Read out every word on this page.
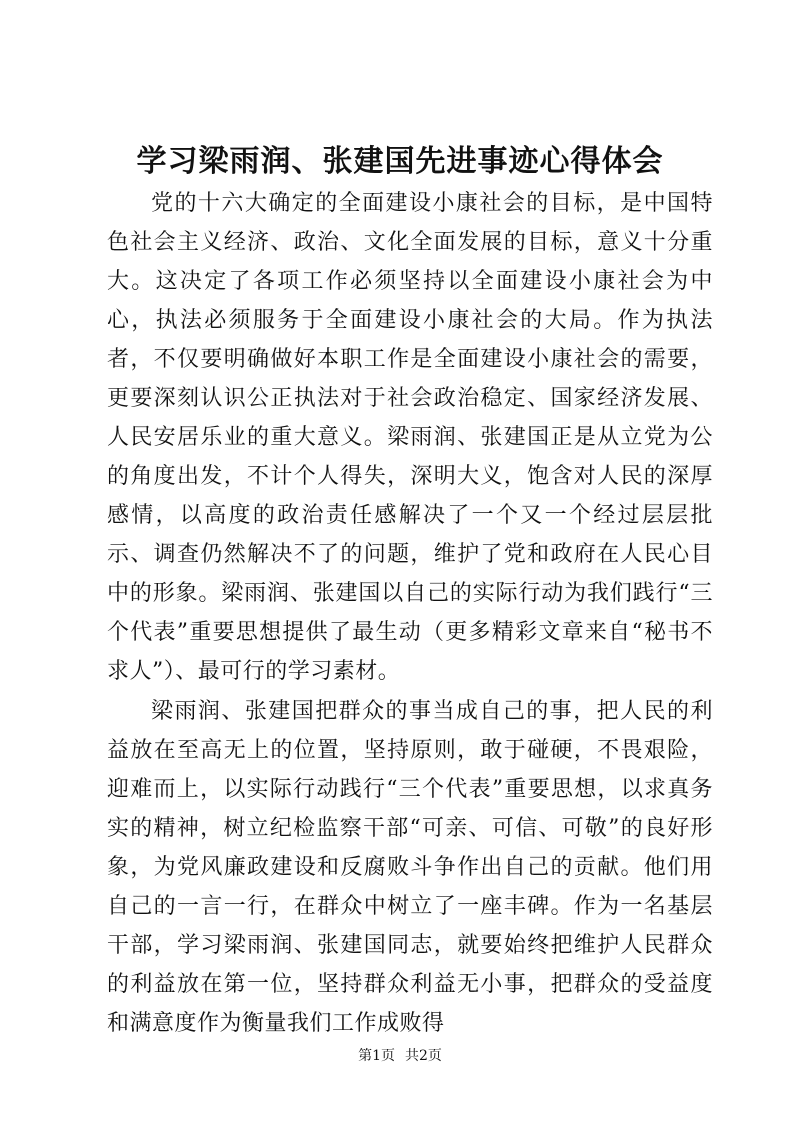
学习梁雨润、张建国先进事迹心得体会

党的十六大确定的全面建设小康社会的目标，是中国特色社会主义经济、政治、文化全面发展的目标，意义十分重大。这决定了各项工作必须坚持以全面建设小康社会为中心，执法必须服务于全面建设小康社会的大局。作为执法者，不仅要明确做好本职工作是全面建设小康社会的需要，更要深刻认识公正执法对于社会政治稳定、国家经济发展、人民安居乐业的重大意义。梁雨润、张建国正是从立党为公的角度出发，不计个人得失，深明大义，饱含对人民的深厚感情，以高度的政治责任感解决了一个又一个经过层层批示、调查仍然解决不了的问题，维护了党和政府在人民心目中的形象。梁雨润、张建国以自己的实际行动为我们践行“三个代表”重要思想提供了最生动（更多精彩文章来自“秘书不求人”）、最可行的学习素材。

梁雨润、张建国把群众的事当成自己的事，把人民的利益放在至高无上的位置，坚持原则，敢于碰硬，不畏艰险，迎难而上，以实际行动践行“三个代表”重要思想，以求真务实的精神，树立纪检监察干部“可亲、可信、可敬”的良好形象，为党风廉政建设和反腐败斗争作出自己的贡献。他们用自己的一言一行，在群众中树立了一座丰碑。作为一名基层干部，学习梁雨润、张建国同志，就要始终把维护人民群众的利益放在第一位，坚持群众利益无小事，把群众的受益度和满意度作为衡量我们工作成败得

第1页 共2页
